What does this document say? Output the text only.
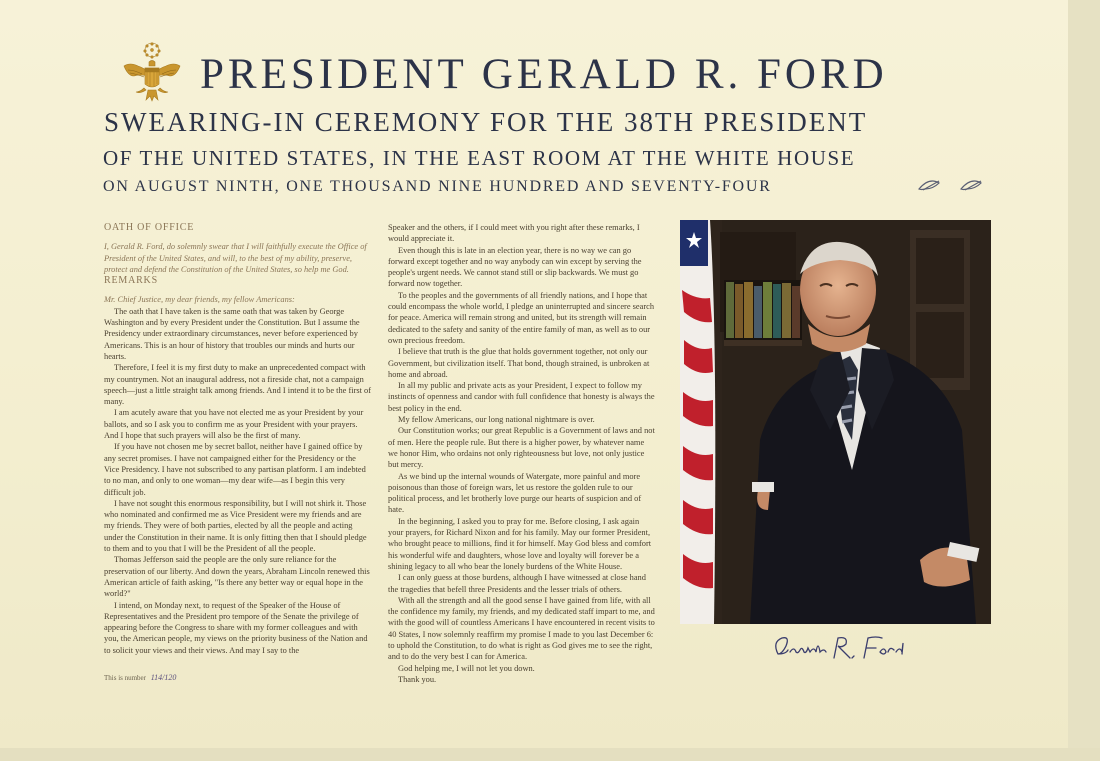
PRESIDENT GERALD R. FORD
SWEARING-IN CEREMONY FOR THE 38TH PRESIDENT
OF THE UNITED STATES, IN THE EAST ROOM AT THE WHITE HOUSE
ON AUGUST NINTH, ONE THOUSAND NINE HUNDRED AND SEVENTY-FOUR
OATH OF OFFICE

I, Gerald R. Ford, do solemnly swear that I will faithfully execute the Office of President of the United States, and will, to the best of my ability, preserve, protect and defend the Constitution of the United States, so help me God.

REMARKS

Mr. Chief Justice, my dear friends, my fellow Americans:

The oath that I have taken is the same oath that was taken by George Washington and by every President under the Constitution. But I assume the Presidency under extraordinary circumstances, never before experienced by Americans. This is an hour of history that troubles our minds and hurts our hearts.

Therefore, I feel it is my first duty to make an unprecedented compact with my countrymen. Not an inaugural address, not a fireside chat, not a campaign speech—just a little straight talk among friends. And I intend it to be the first of many.

I am acutely aware that you have not elected me as your President by your ballots, and so I ask you to confirm me as your President with your prayers. And I hope that such prayers will also be the first of many.

If you have not chosen me by secret ballot, neither have I gained office by any secret promises. I have not campaigned either for the Presidency or the Vice Presidency. I have not subscribed to any partisan platform. I am indebted to no man, and only to one woman—my dear wife—as I begin this very difficult job.

I have not sought this enormous responsibility, but I will not shirk it. Those who nominated and confirmed me as Vice President were my friends and are my friends. They were of both parties, elected by all the people and acting under the Constitution in their name. It is only fitting then that I should pledge to them and to you that I will be the President of all the people.

Thomas Jefferson said the people are the only sure reliance for the preservation of our liberty. And down the years, Abraham Lincoln renewed this American article of faith asking, "Is there any better way or equal hope in the world?"

I intend, on Monday next, to request of the Speaker of the House of Representatives and the President pro tempore of the Senate the privilege of appearing before the Congress to share with my former colleagues and with you, the American people, my views on the priority business of the Nation and to solicit your views and their views. And may I say to the

This is number 114/120

Speaker and the others, if I could meet with you right after these remarks, I would appreciate it.

Even though this is late in an election year, there is no way we can go forward except together and no way anybody can win except by serving the people's urgent needs. We cannot stand still or slip backwards. We must go forward now together.

To the peoples and the governments of all friendly nations, and I hope that could encompass the whole world, I pledge an uninterrupted and sincere search for peace. America will remain strong and united, but its strength will remain dedicated to the safety and sanity of the entire family of man, as well as to our own precious freedom.

I believe that truth is the glue that holds government together, not only our Government, but civilization itself. That bond, though strained, is unbroken at home and abroad.

In all my public and private acts as your President, I expect to follow my instincts of openness and candor with full confidence that honesty is always the best policy in the end.

My fellow Americans, our long national nightmare is over.

Our Constitution works; our great Republic is a Government of laws and not of men. Here the people rule. But there is a higher power, by whatever name we honor Him, who ordains not only righteousness but love, not only justice but mercy.

As we bind up the internal wounds of Watergate, more painful and more poisonous than those of foreign wars, let us restore the golden rule to our political process, and let brotherly love purge our hearts of suspicion and of hate.

In the beginning, I asked you to pray for me. Before closing, I ask again your prayers, for Richard Nixon and for his family. May our former President, who brought peace to millions, find it for himself. May God bless and comfort his wonderful wife and daughters, whose love and loyalty will forever be a shining legacy to all who bear the lonely burdens of the White House.

I can only guess at those burdens, although I have witnessed at close hand the tragedies that befell three Presidents and the lesser trials of others.

With all the strength and all the good sense I have gained from life, with all the confidence my family, my friends, and my dedicated staff impart to me, and with the good will of countless Americans I have encountered in recent visits to 40 States, I now solemnly reaffirm my promise I made to you last December 6: to uphold the Constitution, to do what is right as God gives me to see the right, and to do the very best I can for America.

God helping me, I will not let you down.

Thank you.
